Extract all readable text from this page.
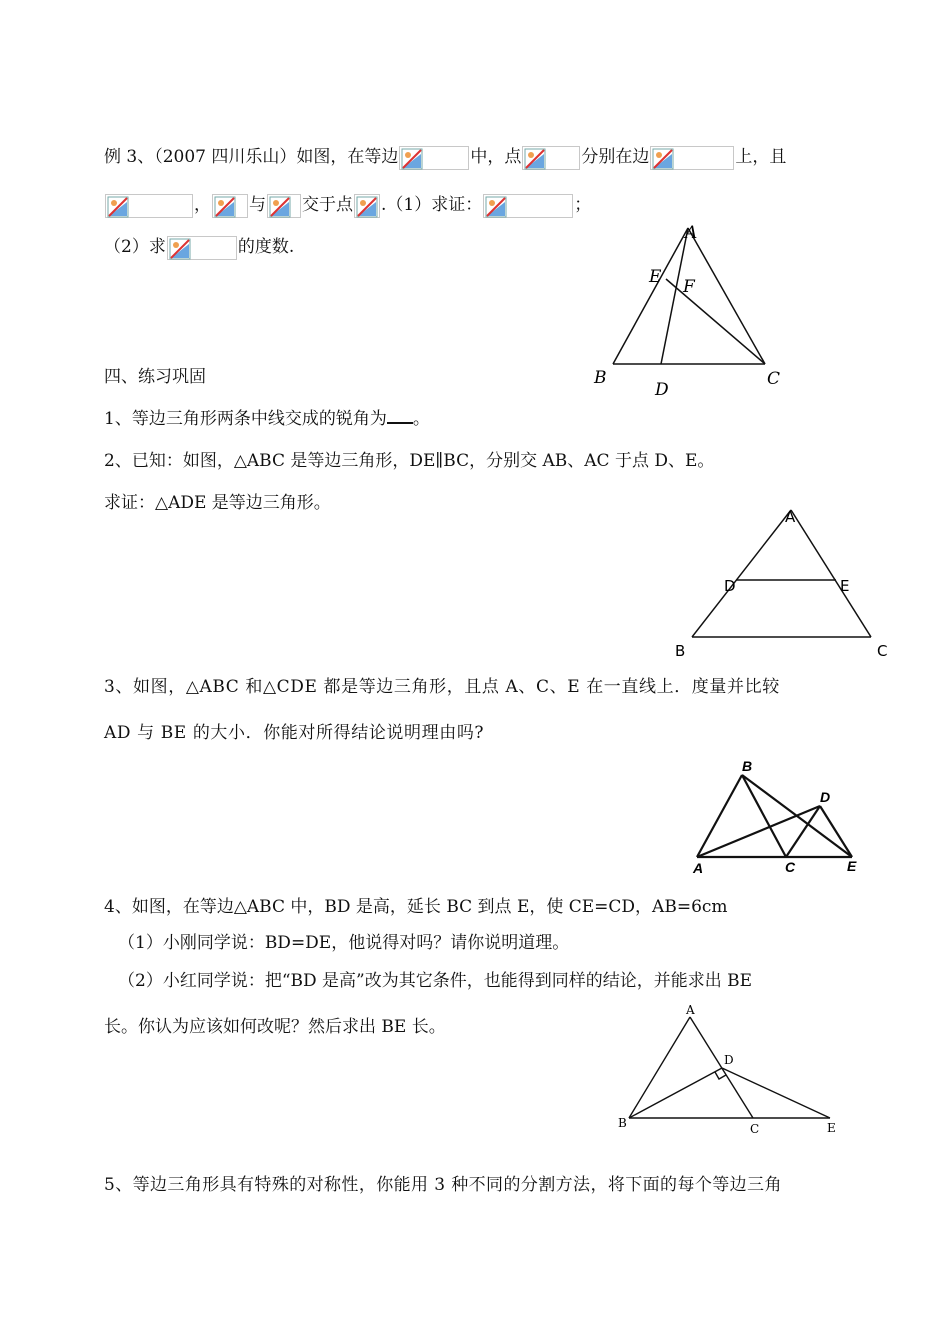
例 3、（2007 四川乐山）如图，在等边	中，点	分别在边	上，且
， 与 交于点 .（1）求证：	；
（2）求	的度数.
A
E F
B
D
C
四、练习巩固
1、等边三角形两条中线交成的锐角为 。
2、已知：如图，△ABC 是等边三角形，DE∥BC，分别交 AB、AC 于点 D、E。
求证：△ADE 是等边三角形。
A
D	E
B	C
3、如图，△ABC 和△CDE 都是等边三角形，且点 A、C、E 在一直线上．度量并比较
AD 与 BE 的大小．你能对所得结论说明理由吗?
B
D
A	C	E
4、如图，在等边△ABC 中，BD 是高，延长 BC 到点 E，使 CE=CD，AB=6cm
（1）小刚同学说：BD=DE，他说得对吗？请你说明道理。
（2）小红同学说：把“BD 是高”改为其它条件，也能得到同样的结论，并能求出 BE
长。你认为应该如何改呢？然后求出 BE 长。
A
D
B	C	E
5、等边三角形具有特殊的对称性，你能用 3 种不同的分割方法，将下面的每个等边三角
